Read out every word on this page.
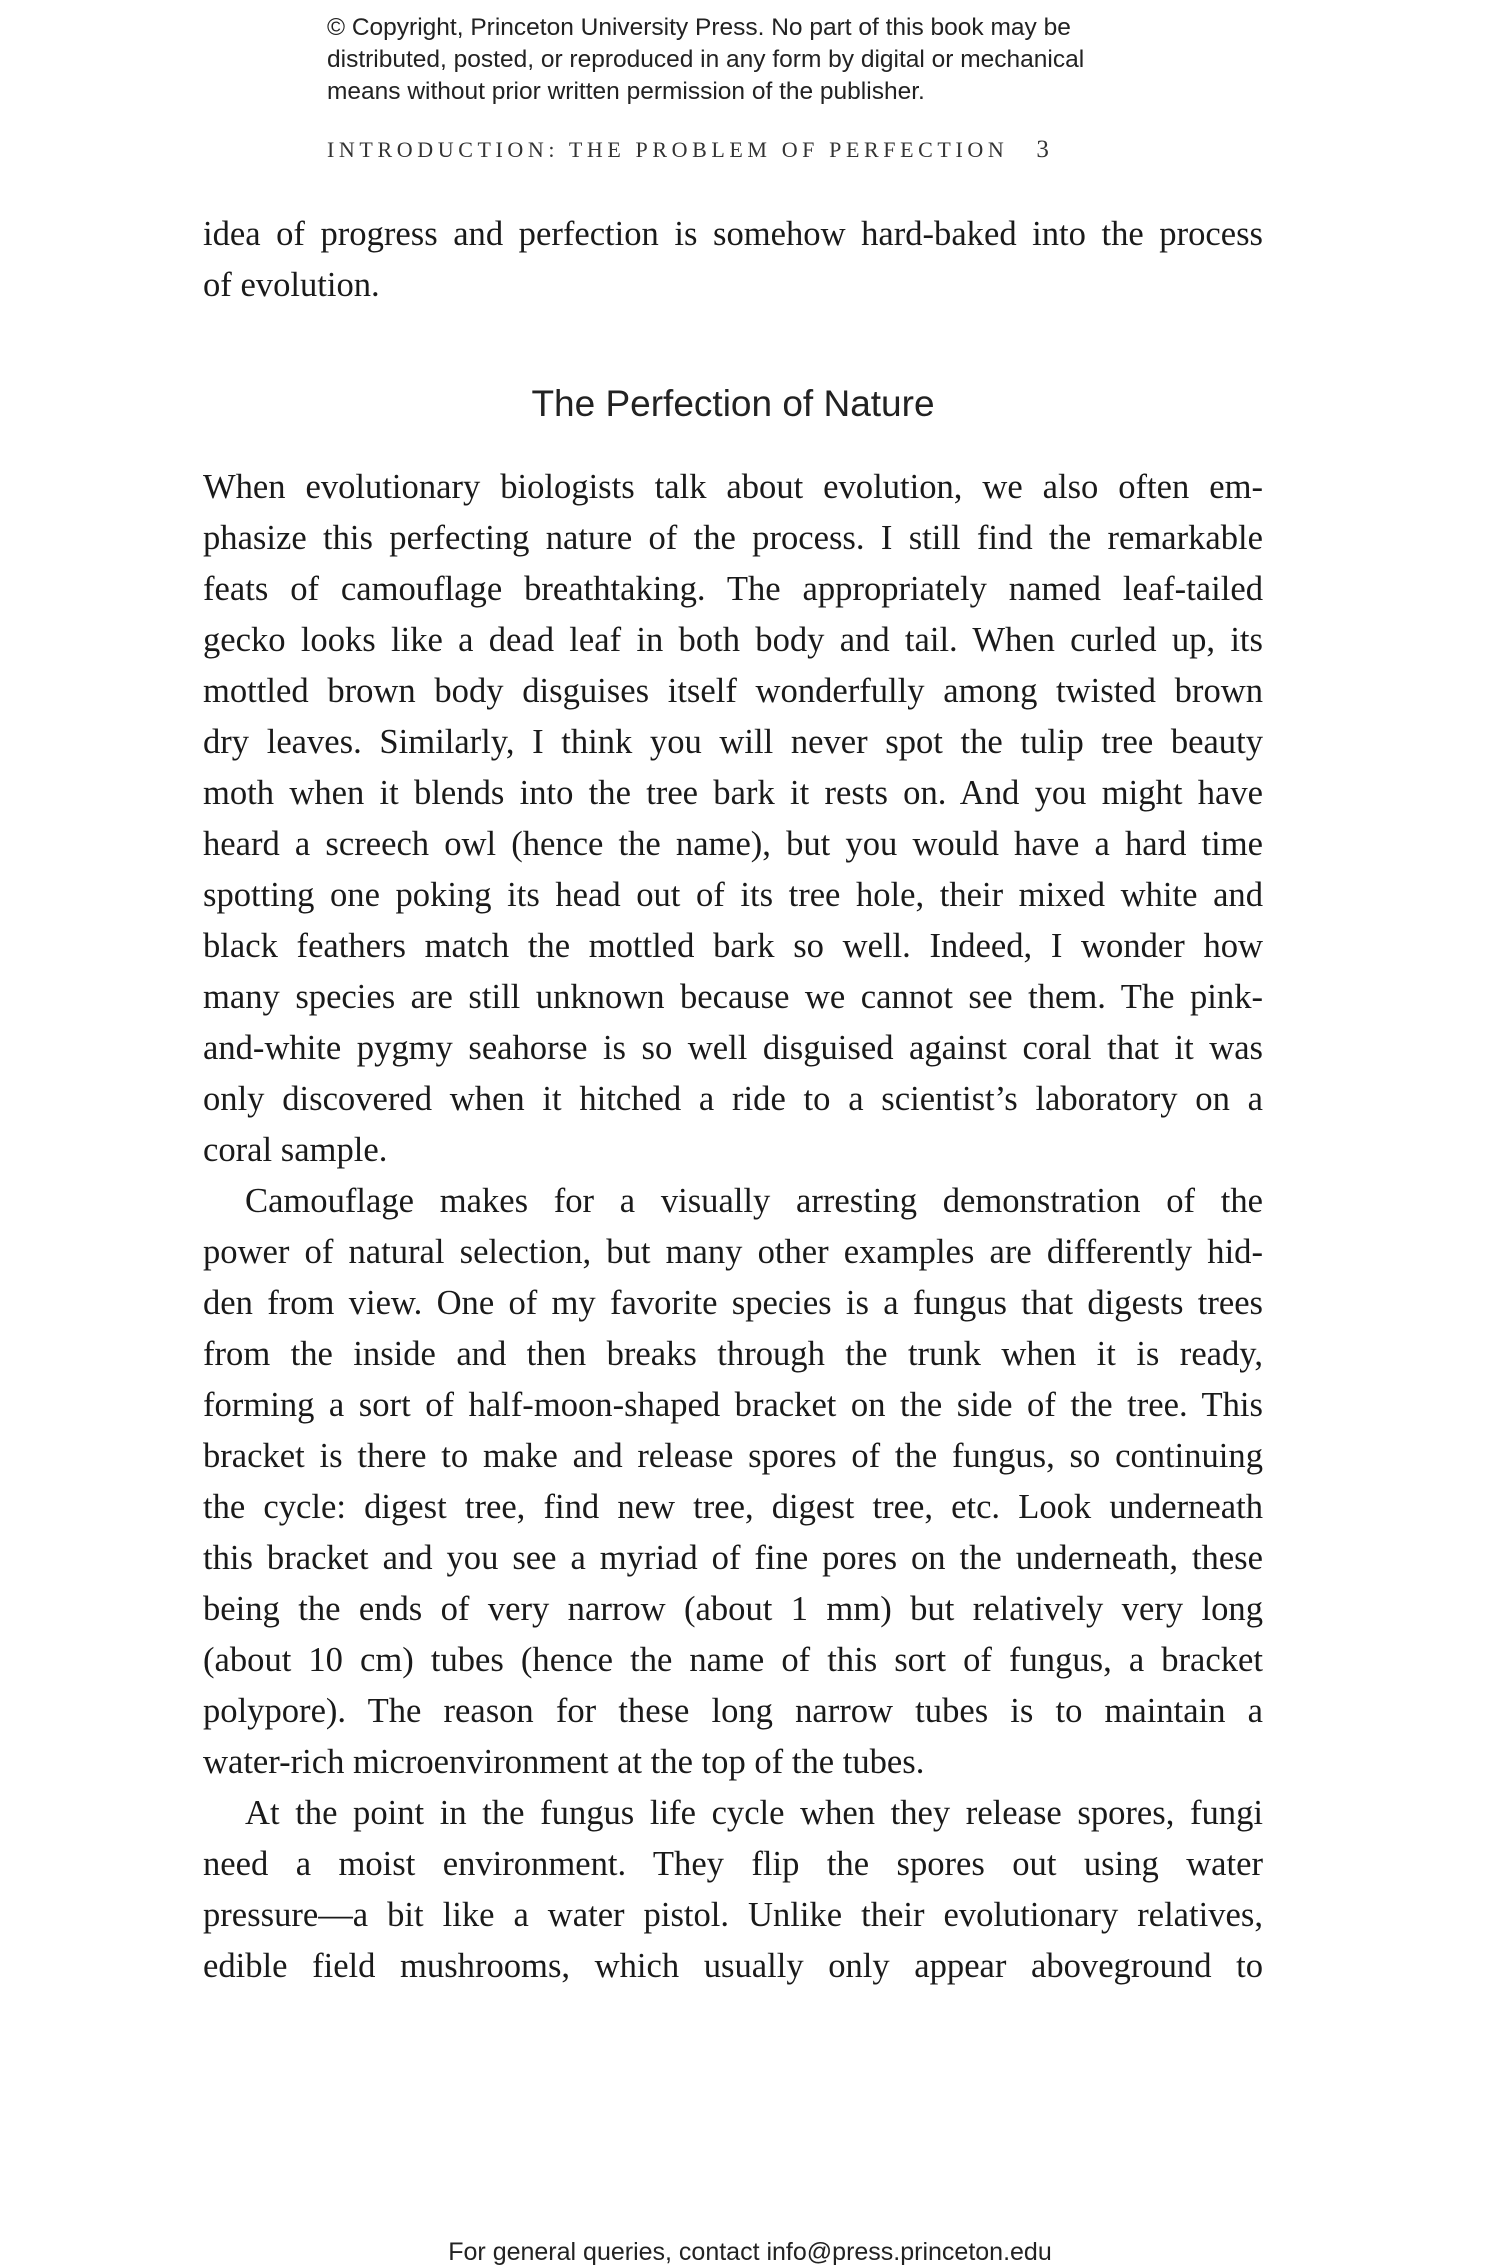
© Copyright, Princeton University Press. No part of this book may be
distributed, posted, or reproduced in any form by digital or mechanical
means without prior written permission of the publisher.
INTRODUCTION: THE PROBLEM OF PERFECTION 3
idea of progress and perfection is somehow hard-baked into the process
of evolution.
The Perfection of Nature
When evolutionary biologists talk about evolution, we also often em-
phasize this perfecting nature of the process. I still find the remarkable
feats of camouflage breathtaking. The appropriately named leaf-tailed
gecko looks like a dead leaf in both body and tail. When curled up, its
mottled brown body disguises itself wonderfully among twisted brown
dry leaves. Similarly, I think you will never spot the tulip tree beauty
moth when it blends into the tree bark it rests on. And you might have
heard a screech owl (hence the name), but you would have a hard time
spotting one poking its head out of its tree hole, their mixed white and
black feathers match the mottled bark so well. Indeed, I wonder how
many species are still unknown because we cannot see them. The pink-
and-white pygmy seahorse is so well disguised against coral that it was
only discovered when it hitched a ride to a scientist’s laboratory on a
coral sample.
Camouflage makes for a visually arresting demonstration of the
power of natural selection, but many other examples are differently hid-
den from view. One of my favorite species is a fungus that digests trees
from the inside and then breaks through the trunk when it is ready,
forming a sort of half-moon-shaped bracket on the side of the tree. This
bracket is there to make and release spores of the fungus, so continuing
the cycle: digest tree, find new tree, digest tree, etc. Look underneath
this bracket and you see a myriad of fine pores on the underneath, these
being the ends of very narrow (about 1 mm) but relatively very long
(about 10 cm) tubes (hence the name of this sort of fungus, a bracket
polypore). The reason for these long narrow tubes is to maintain a
water-rich microenvironment at the top of the tubes.
At the point in the fungus life cycle when they release spores, fungi
need a moist environment. They flip the spores out using water
pressure—a bit like a water pistol. Unlike their evolutionary relatives,
edible field mushrooms, which usually only appear aboveground to
For general queries, contact info@press.princeton.edu
